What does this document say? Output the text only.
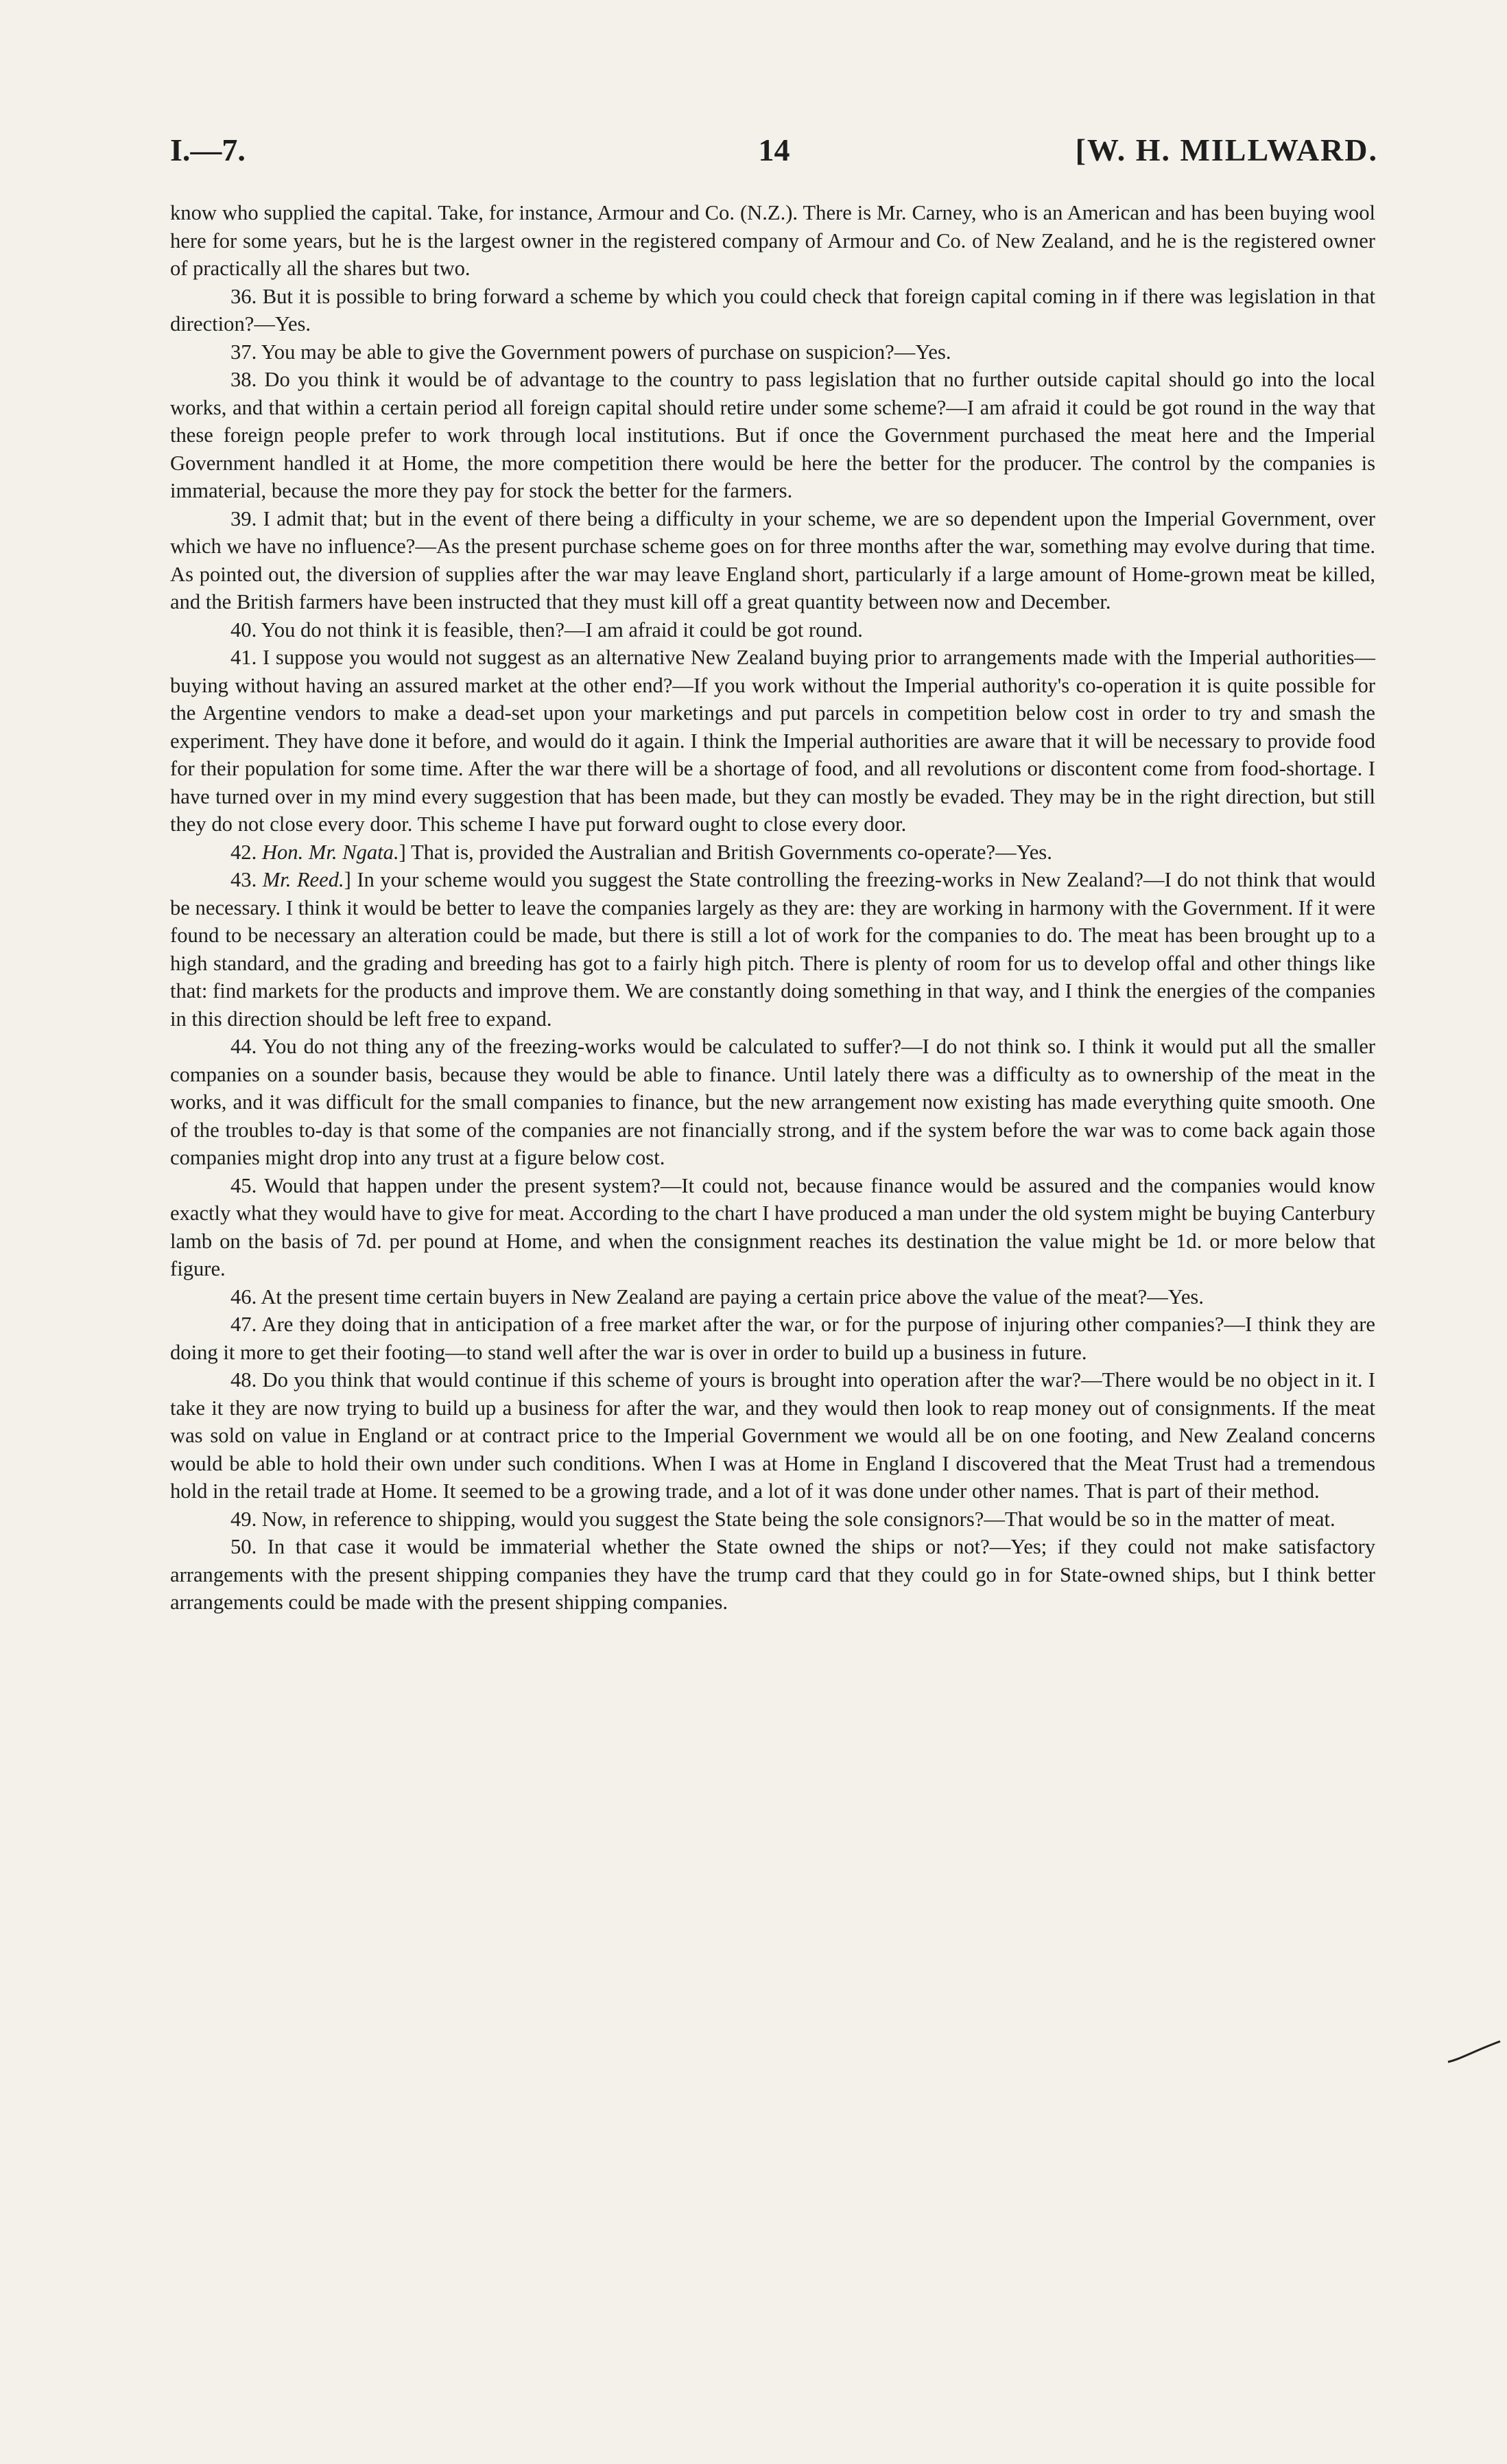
I.—7.	14	[W. H. MILLWARD.

know who supplied the capital. Take, for instance, Armour and Co. (N.Z.). There is Mr. Carney, who is an American and has been buying wool here for some years, but he is the largest owner in the registered company of Armour and Co. of New Zealand, and he is the registered owner of practically all the shares but two.

36. But it is possible to bring forward a scheme by which you could check that foreign capital coming in if there was legislation in that direction?—Yes.

37. You may be able to give the Government powers of purchase on suspicion?—Yes.

38. Do you think it would be of advantage to the country to pass legislation that no further outside capital should go into the local works, and that within a certain period all foreign capital should retire under some scheme?—I am afraid it could be got round in the way that these foreign people prefer to work through local institutions. But if once the Government purchased the meat here and the Imperial Government handled it at Home, the more competition there would be here the better for the producer. The control by the companies is immaterial, because the more they pay for stock the better for the farmers.

39. I admit that; but in the event of there being a difficulty in your scheme, we are so dependent upon the Imperial Government, over which we have no influence?—As the present purchase scheme goes on for three months after the war, something may evolve during that time. As pointed out, the diversion of supplies after the war may leave England short, particularly if a large amount of Home-grown meat be killed, and the British farmers have been instructed that they must kill off a great quantity between now and December.

40. You do not think it is feasible, then?—I am afraid it could be got round.

41. I suppose you would not suggest as an alternative New Zealand buying prior to arrangements made with the Imperial authorities—buying without having an assured market at the other end?—If you work without the Imperial authority's co-operation it is quite possible for the Argentine vendors to make a dead-set upon your marketings and put parcels in competition below cost in order to try and smash the experiment. They have done it before, and would do it again. I think the Imperial authorities are aware that it will be necessary to provide food for their population for some time. After the war there will be a shortage of food, and all revolutions or discontent come from food-shortage. I have turned over in my mind every suggestion that has been made, but they can mostly be evaded. They may be in the right direction, but still they do not close every door. This scheme I have put forward ought to close every door.

42. Hon. Mr. Ngata.] That is, provided the Australian and British Governments co-operate?—Yes.

43. Mr. Reed.] In your scheme would you suggest the State controlling the freezing-works in New Zealand?—I do not think that would be necessary. I think it would be better to leave the companies largely as they are: they are working in harmony with the Government. If it were found to be necessary an alteration could be made, but there is still a lot of work for the companies to do. The meat has been brought up to a high standard, and the grading and breeding has got to a fairly high pitch. There is plenty of room for us to develop offal and other things like that: find markets for the products and improve them. We are constantly doing something in that way, and I think the energies of the companies in this direction should be left free to expand.

44. You do not thing any of the freezing-works would be calculated to suffer?—I do not think so. I think it would put all the smaller companies on a sounder basis, because they would be able to finance. Until lately there was a difficulty as to ownership of the meat in the works, and it was difficult for the small companies to finance, but the new arrangement now existing has made everything quite smooth. One of the troubles to-day is that some of the companies are not financially strong, and if the system before the war was to come back again those companies might drop into any trust at a figure below cost.

45. Would that happen under the present system?—It could not, because finance would be assured and the companies would know exactly what they would have to give for meat. According to the chart I have produced a man under the old system might be buying Canterbury lamb on the basis of 7d. per pound at Home, and when the consignment reaches its destination the value might be 1d. or more below that figure.

46. At the present time certain buyers in New Zealand are paying a certain price above the value of the meat?—Yes.

47. Are they doing that in anticipation of a free market after the war, or for the purpose of injuring other companies?—I think they are doing it more to get their footing—to stand well after the war is over in order to build up a business in future.

48. Do you think that would continue if this scheme of yours is brought into operation after the war?—There would be no object in it. I take it they are now trying to build up a business for after the war, and they would then look to reap money out of consignments. If the meat was sold on value in England or at contract price to the Imperial Government we would all be on one footing, and New Zealand concerns would be able to hold their own under such conditions. When I was at Home in England I discovered that the Meat Trust had a tremendous hold in the retail trade at Home. It seemed to be a growing trade, and a lot of it was done under other names. That is part of their method.

49. Now, in reference to shipping, would you suggest the State being the sole consignors?—That would be so in the matter of meat.

50. In that case it would be immaterial whether the State owned the ships or not?—Yes; if they could not make satisfactory arrangements with the present shipping companies they have the trump card that they could go in for State-owned ships, but I think better arrangements could be made with the present shipping companies.
